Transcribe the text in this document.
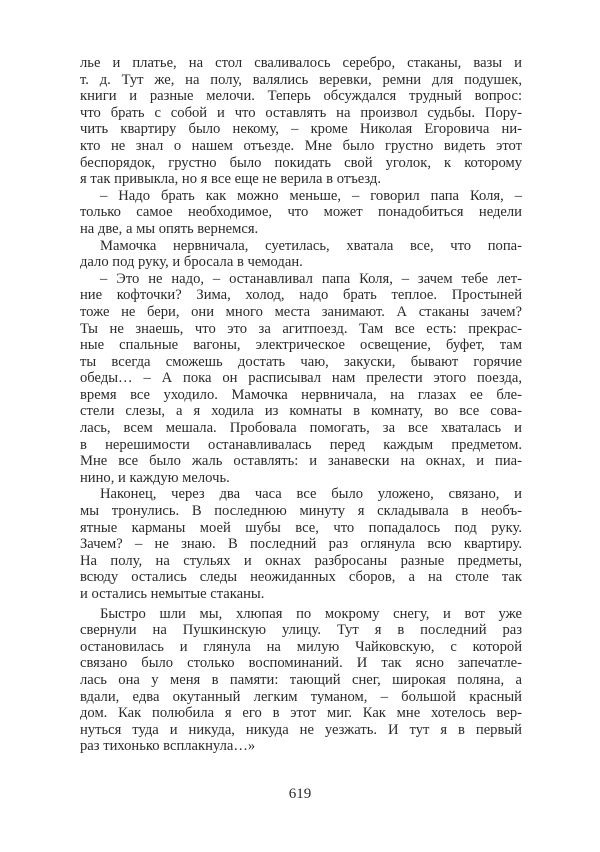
лье и платье, на стол сваливалось серебро, стаканы, вазы и
т. д. Тут же, на полу, валялись веревки, ремни для подушек,
книги и разные мелочи. Теперь обсуждался трудный вопрос:
что брать с собой и что оставлять на произвол судьбы. Пору-
чить квартиру было некому, – кроме Николая Егоровича ни-
кто не знал о нашем отъезде. Мне было грустно видеть этот
беспорядок, грустно было покидать свой уголок, к которому
я так привыкла, но я все еще не верила в отъезд.
– Надо брать как можно меньше, – говорил папа Коля, –
только самое необходимое, что может понадобиться недели
на две, а мы опять вернемся.
Мамочка нервничала, суетилась, хватала все, что попа-
дало под руку, и бросала в чемодан.
– Это не надо, – останавливал папа Коля, – зачем тебе лет-
ние кофточки? Зима, холод, надо брать теплое. Простыней
тоже не бери, они много места занимают. А стаканы зачем?
Ты не знаешь, что это за агитпоезд. Там все есть: прекрас-
ные спальные вагоны, электрическое освещение, буфет, там
ты всегда сможешь достать чаю, закуски, бывают горячие
обеды… – А пока он расписывал нам прелести этого поезда,
время все уходило. Мамочка нервничала, на глазах ее бле-
стели слезы, а я ходила из комнаты в комнату, во все сова-
лась, всем мешала. Пробовала помогать, за все хваталась и
в нерешимости останавливалась перед каждым предметом.
Мне все было жаль оставлять: и занавески на окнах, и пиа-
нино, и каждую мелочь.
Наконец, через два часа все было уложено, связано, и
мы тронулись. В последнюю минуту я складывала в необъ-
ятные карманы моей шубы все, что попадалось под руку.
Зачем? – не знаю. В последний раз оглянула всю квартиру.
На полу, на стульях и окнах разбросаны разные предметы,
всюду остались следы неожиданных сборов, а на столе так
и остались немытые стаканы.
Быстро шли мы, хлюпая по мокрому снегу, и вот уже
свернули на Пушкинскую улицу. Тут я в последний раз
остановилась и глянула на милую Чайковскую, с которой
связано было столько воспоминаний. И так ясно запечатле-
лась она у меня в памяти: тающий снег, широкая поляна, а
вдали, едва окутанный легким туманом, – большой красный
дом. Как полюбила я его в этот миг. Как мне хотелось вер-
нуться туда и никуда, никуда не уезжать. И тут я в первый
раз тихонько всплакнула…»
619
